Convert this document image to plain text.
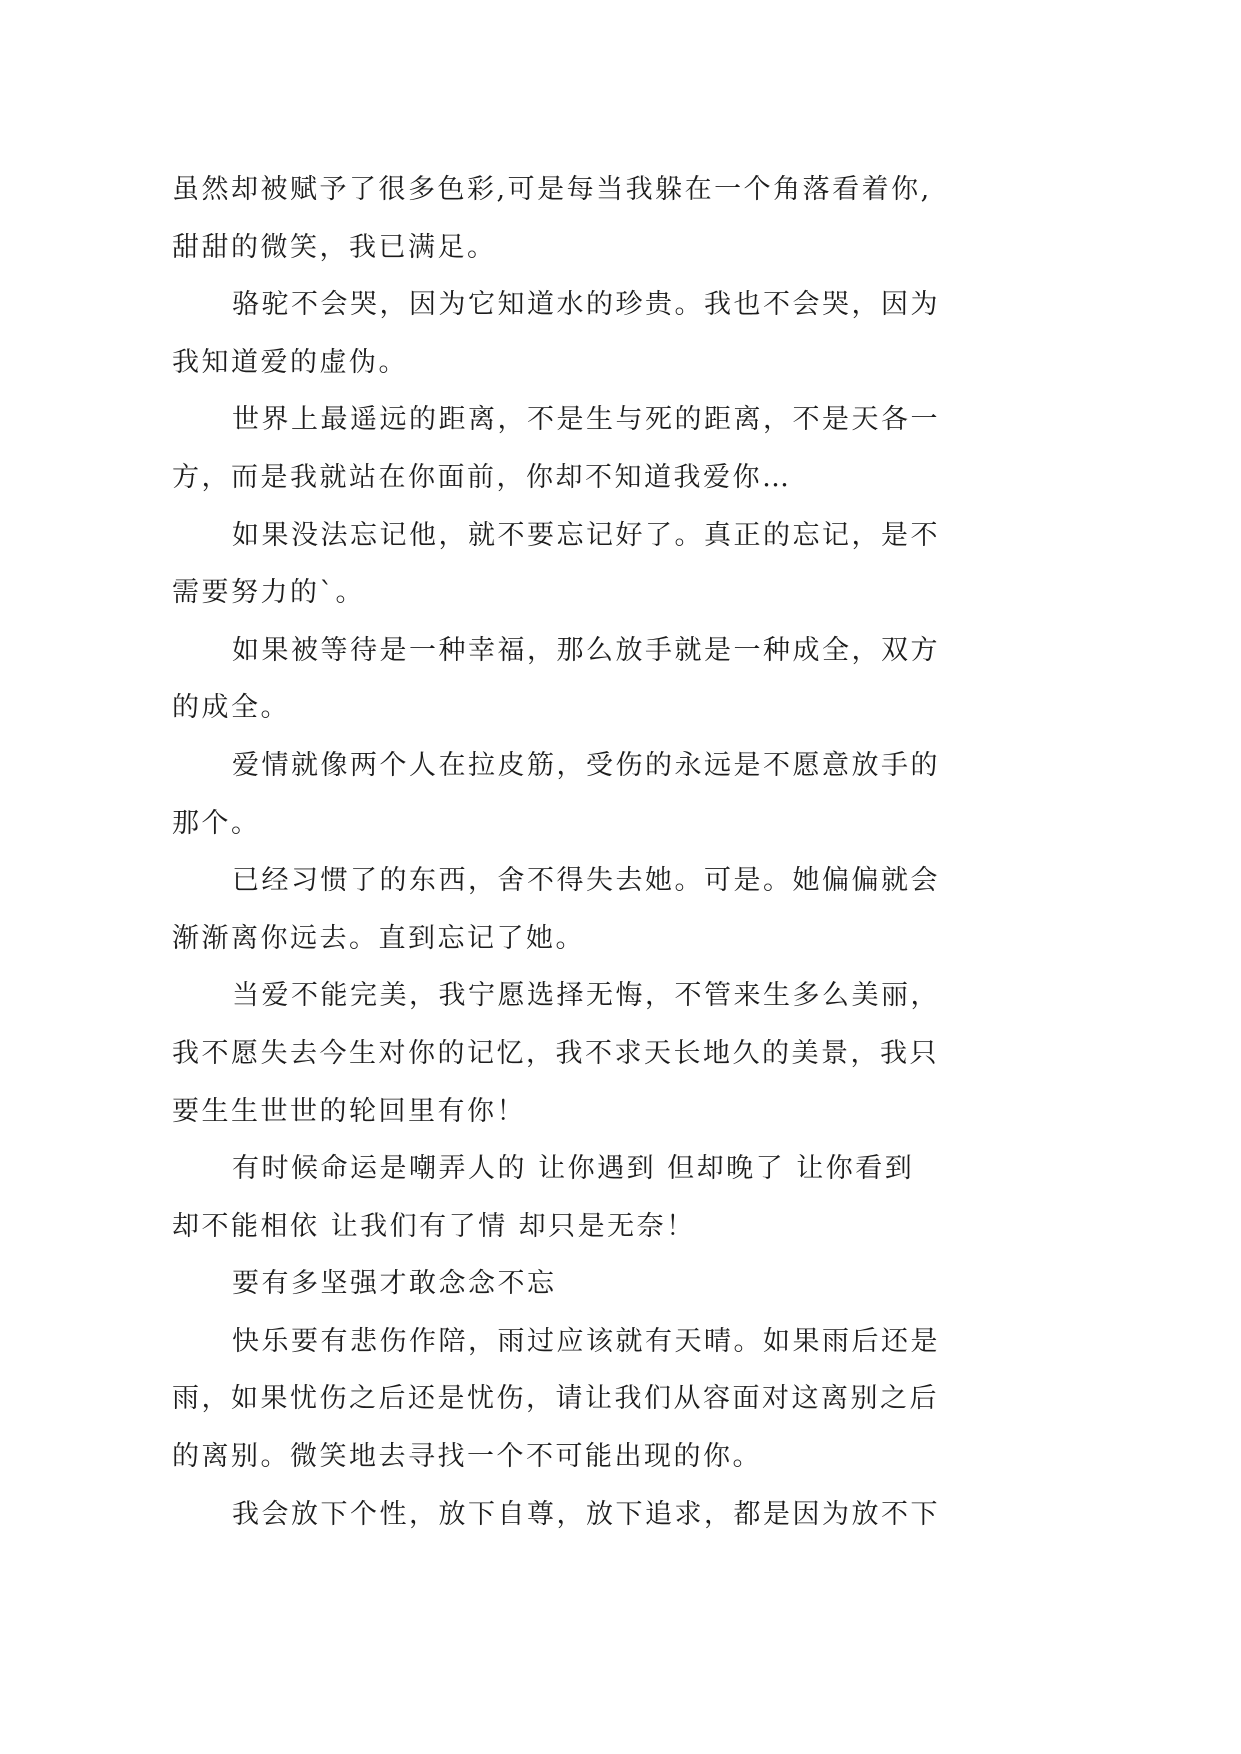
虽然却被赋予了很多色彩,可是每当我躲在一个角落看着你,
甜甜的微笑，我已满足。
骆驼不会哭，因为它知道水的珍贵。我也不会哭，因为
我知道爱的虚伪。
世界上最遥远的距离，不是生与死的距离，不是天各一
方，而是我就站在你面前，你却不知道我爱你…
如果没法忘记他，就不要忘记好了。真正的忘记，是不
需要努力的`。
如果被等待是一种幸福，那么放手就是一种成全，双方
的成全。
爱情就像两个人在拉皮筋，受伤的永远是不愿意放手的
那个。
已经习惯了的东西，舍不得失去她。可是。她偏偏就会
渐渐离你远去。直到忘记了她。
当爱不能完美，我宁愿选择无悔，不管来生多么美丽，
我不愿失去今生对你的记忆，我不求天长地久的美景，我只
要生生世世的轮回里有你！
有时候命运是嘲弄人的 让你遇到 但却晚了 让你看到
却不能相依 让我们有了情 却只是无奈！
要有多坚强才敢念念不忘
快乐要有悲伤作陪，雨过应该就有天晴。如果雨后还是
雨，如果忧伤之后还是忧伤，请让我们从容面对这离别之后
的离别。微笑地去寻找一个不可能出现的你。
我会放下个性，放下自尊，放下追求，都是因为放不下
